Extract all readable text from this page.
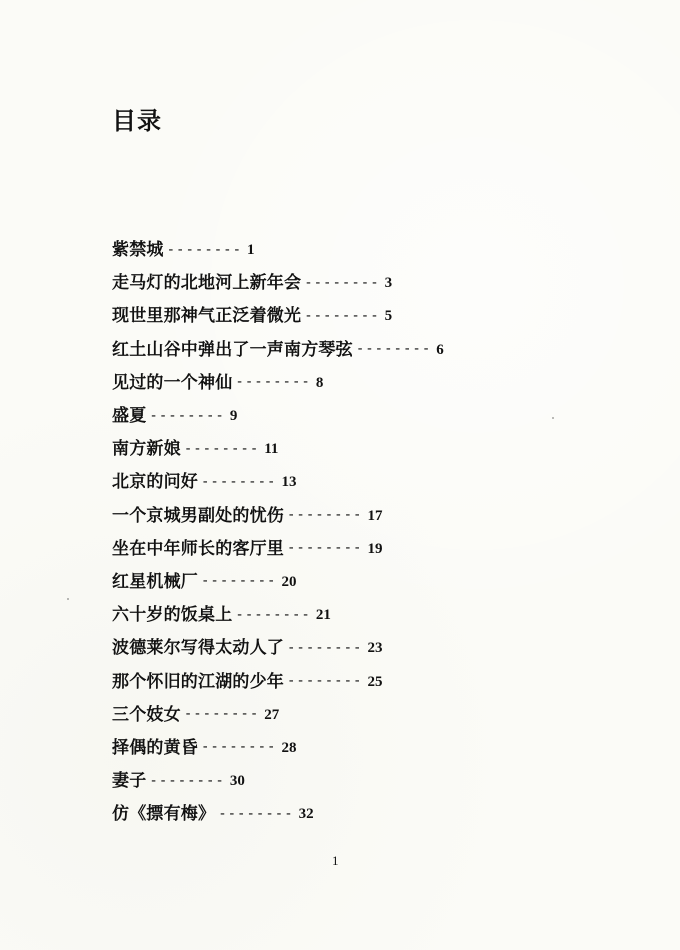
目录
紫禁城 -------- 1
走马灯的北地河上新年会 -------- 3
现世里那神气正泛着微光 -------- 5
红土山谷中弹出了一声南方琴弦 -------- 6
见过的一个神仙 -------- 8
盛夏 -------- 9
南方新娘 -------- 11
北京的问好 -------- 13
一个京城男副处的忧伤 -------- 17
坐在中年师长的客厅里 -------- 19
红星机械厂 -------- 20
六十岁的饭桌上 -------- 21
波德莱尔写得太动人了 -------- 23
那个怀旧的江湖的少年 -------- 25
三个妓女 -------- 27
择偶的黄昏 -------- 28
妻子 -------- 30
仿《摽有梅》 -------- 32
1
